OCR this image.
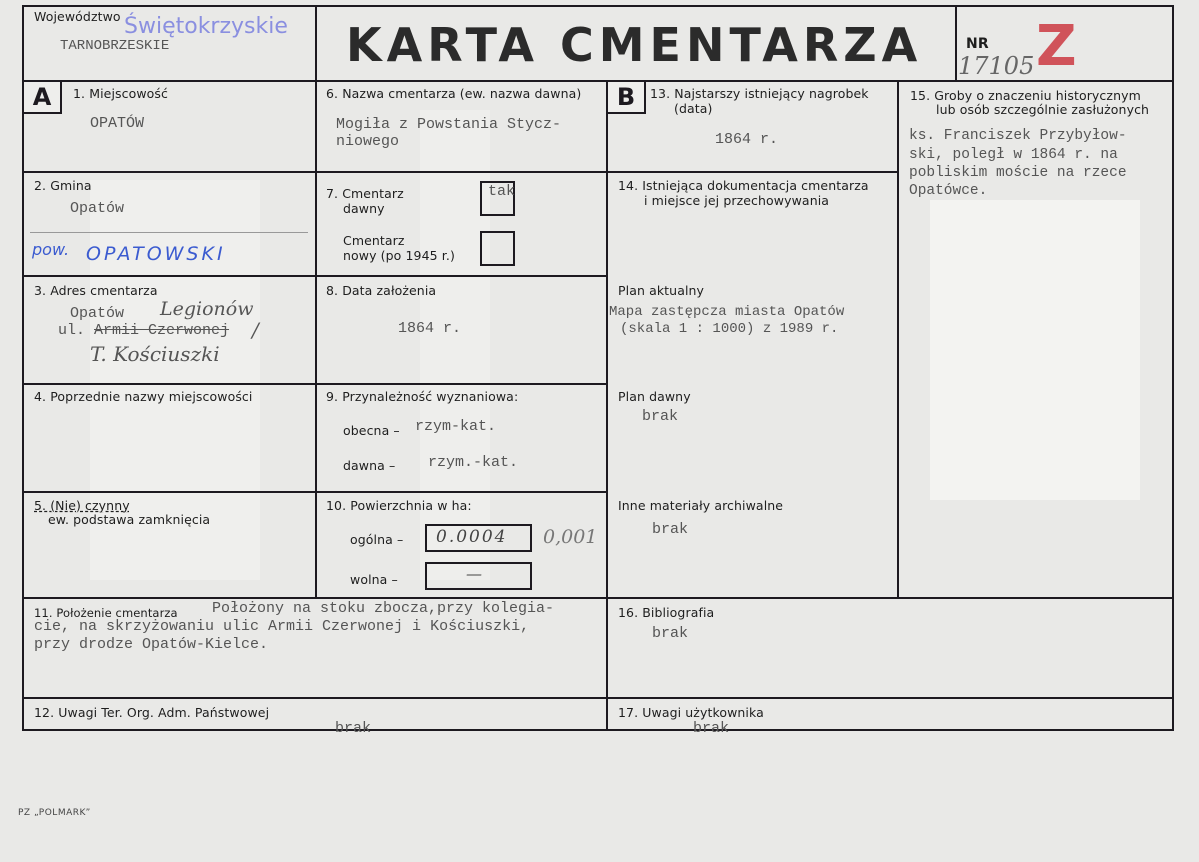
Województwo Świętokrzyskie
TARNOBRZESKIE	KARTA CMENTARZA	NR
17105 Z
A	1. Miejscowość
OPATÓW
2. Gmina
Opatów
pow. OPATOWSKI
3. Adres cmentarza
Opatów Legionów
ul. Armii Czerwonej /
T. Kościuszki
4. Poprzednie nazwy miejscowości
5. (Nie) czynny
ew. podstawa zamknięcia
6. Nazwa cmentarza (ew. nazwa dawna)
Mogiła z Powstania Stycz-
niowego
7. Cmentarz
dawny
tak
Cmentarz
nowy (po 1945 r.)
8. Data założenia
1864 r.
9. Przynależność wyznaniowa:
obecna – rzym-kat.
dawna – rzym.-kat.
10. Powierzchnia w ha:
ogólna – 0.0004 0,001
wolna –	—
11. Położenie cmentarza Położony na stoku zbocza,przy kolegia-
cie, na skrzyżowaniu ulic Armii Czerwonej i Kościuszki,
przy drodze Opatów-Kielce.
12. Uwagi Ter. Org. Adm. Państwowej
brak
B	13. Najstarszy istniejący nagrobek
(data)
1864 r.
14. Istniejąca dokumentacja cmentarza
i miejsce jej przechowywania
Plan aktualny
Mapa zastępcza miasta Opatów
(skala 1 : 1000) z 1989 r.
Plan dawny
brak
Inne materiały archiwalne
brak
15. Groby o znaczeniu historycznym
lub osób szczególnie zasłużonych
ks. Franciszek Przybyłow-
ski, poległ w 1864 r. na
pobliskim moście na rzece
Opatówce.
16. Bibliografia
brak
17. Uwagi użytkownika
brak
PZ „POLMARK”
